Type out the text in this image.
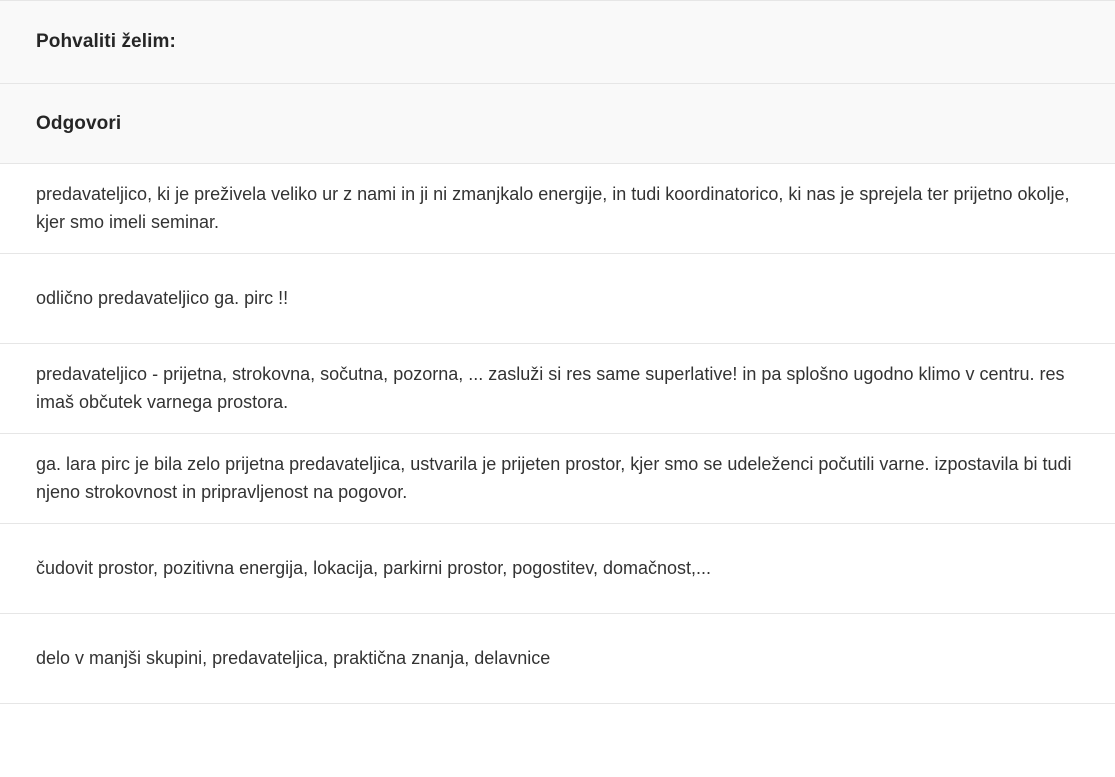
Pohvaliti želim:
Odgovori
predavateljico, ki je preživela veliko ur z nami in ji ni zmanjkalo energije, in tudi koordinatorico, ki nas je sprejela ter prijetno okolje, kjer smo imeli seminar.
odlično predavateljico ga. pirc !!
predavateljico - prijetna, strokovna, sočutna, pozorna, ... zasluži si res same superlative! in pa splošno ugodno klimo v centru. res imaš občutek varnega prostora.
ga. lara pirc je bila zelo prijetna predavateljica, ustvarila je prijeten prostor, kjer smo se udeleženci počutili varne. izpostavila bi tudi njeno strokovnost in pripravljenost na pogovor.
čudovit prostor, pozitivna energija, lokacija, parkirni prostor, pogostitev, domačnost,...
delo v manjši skupini, predavateljica, praktična znanja, delavnice
